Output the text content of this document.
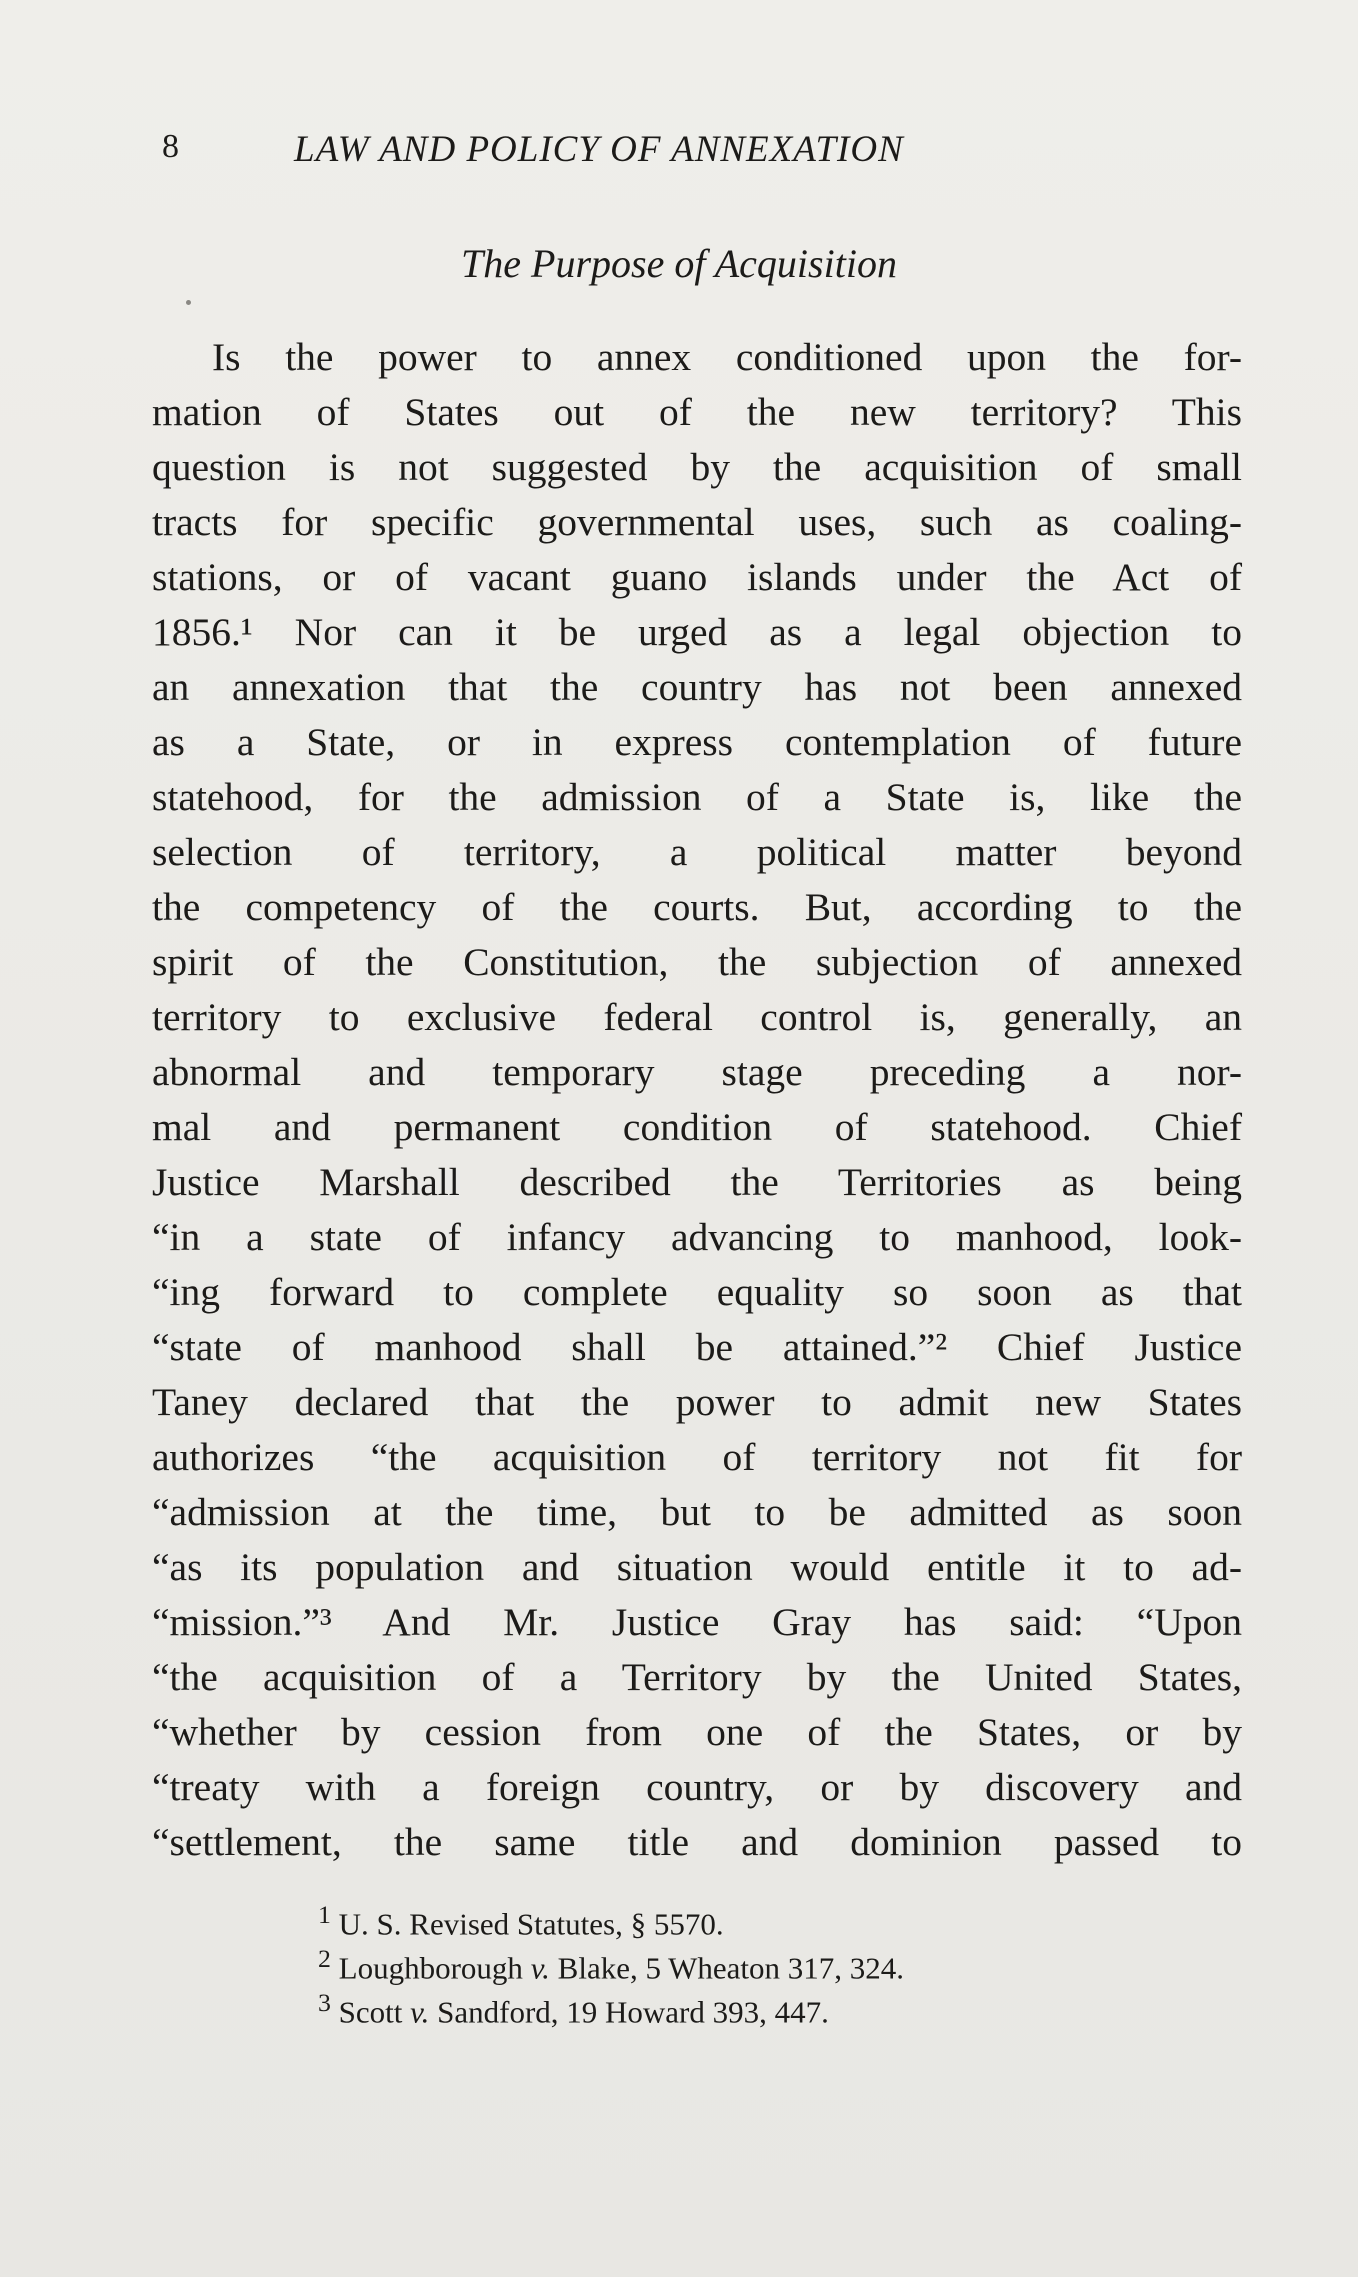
8	LAW AND POLICY OF ANNEXATION
The Purpose of Acquisition
Is the power to annex conditioned upon the for-
mation of States out of the new territory? This
question is not suggested by the acquisition of small
tracts for specific governmental uses, such as coaling-
stations, or of vacant guano islands under the Act of
1856.¹ Nor can it be urged as a legal objection to
an annexation that the country has not been annexed
as a State, or in express contemplation of future
statehood, for the admission of a State is, like the
selection of territory, a political matter beyond
the competency of the courts. But, according to the
spirit of the Constitution, the subjection of annexed
territory to exclusive federal control is, generally, an
abnormal and temporary stage preceding a nor-
mal and permanent condition of statehood. Chief
Justice Marshall described the Territories as being
“in a state of infancy advancing to manhood, look-
“ing forward to complete equality so soon as that
“state of manhood shall be attained.”² Chief Justice
Taney declared that the power to admit new States
authorizes “the acquisition of territory not fit for
“admission at the time, but to be admitted as soon
“as its population and situation would entitle it to ad-
“mission.”³ And Mr. Justice Gray has said: “Upon
“the acquisition of a Territory by the United States,
“whether by cession from one of the States, or by
“treaty with a foreign country, or by discovery and
“settlement, the same title and dominion passed to
$^1$ U. S. Revised Statutes, § 5570.
$^2$ Loughborough v. Blake, 5 Wheaton 317, 324.
$^3$ Scott v. Sandford, 19 Howard 393, 447.
